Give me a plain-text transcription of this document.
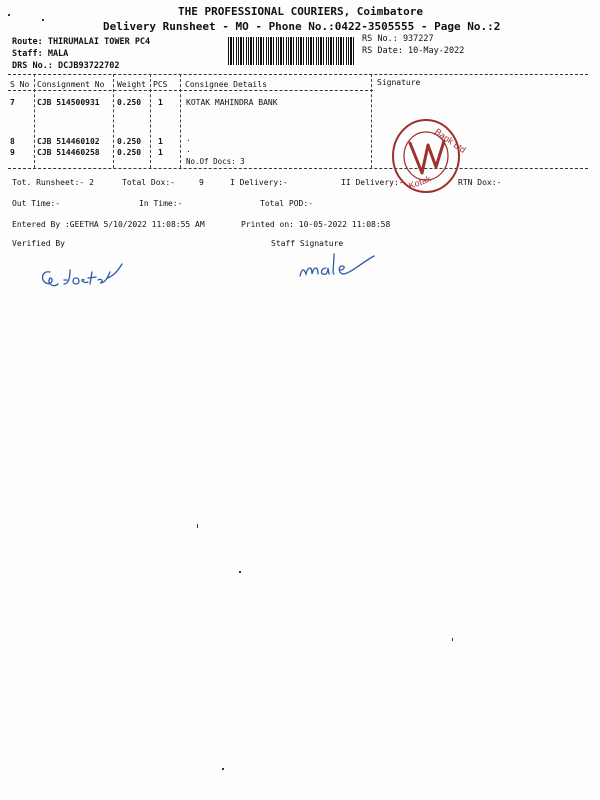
THE PROFESSIONAL COURIERS, Coimbatore
Delivery Runsheet - MO - Phone No.:0422-3505555 - Page No.:2
Route: THIRUMALAI TOWER PC4
Staff: MALA
DRS No.: DCJB93722702
RS No.: 937227
RS Date: 10-May-2022
S No Consignment No Weight PCS Consignee Details	Signature
7	CJB 514500931 0.250 1	KOTAK MAHINDRA BANK
8	CJB 514460102 0.250 1	.
9	CJB 514460258 0.250 1	.
No.Of Docs: 3
Bank Ltd
Kotak
Tot. Runsheet:- 2	Total Dox:-	9	I Delivery:-	II Delivery:-	RTN Dox:-
Out Time:-	In Time:-	Total POD:-
Entered By :GEETHA 5/10/2022 11:08:55 AM	Printed on: 10-05-2022 11:08:58
Verified By	Staff Signature
